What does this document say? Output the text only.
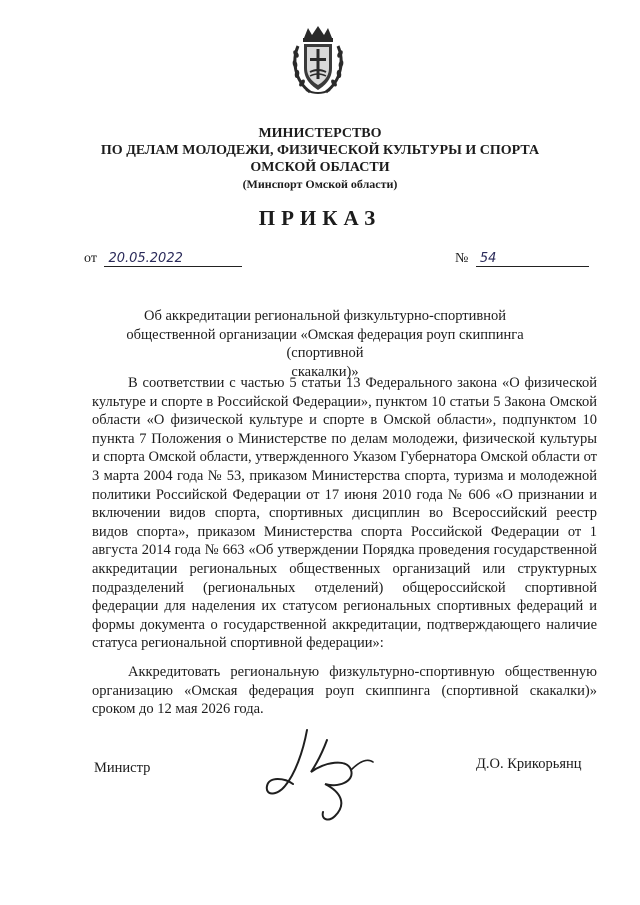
МИНИСТЕРСТВО
ПО ДЕЛАМ МОЛОДЕЖИ, ФИЗИЧЕСКОЙ КУЛЬТУРЫ И СПОРТА
ОМСКОЙ ОБЛАСТИ
(Минспорт Омской области)
ПРИКАЗ
от 20.05.2022	№ 54
Об аккредитации региональной физкультурно-спортивной
общественной организации «Омская федерация роуп скиппинга (спортивной
скакалки)»

В соответствии с частью 5 статьи 13 Федерального закона «О физической культуре и спорте в Российской Федерации», пунктом 10 статьи 5 Закона Омской области «О физической культуре и спорте в Омской области», подпунктом 10 пункта 7 Положения о Министерстве по делам молодежи, физической культуры и спорта Омской области, утвержденного Указом Губернатора Омской области от 3 марта 2004 года № 53, приказом Министерства спорта, туризма и молодежной политики Российской Федерации от 17 июня 2010 года № 606 «О признании и включении видов спорта, спортивных дисциплин во Всероссийский реестр видов спорта», приказом Министерства спорта Российской Федерации от 1 августа 2014 года № 663 «Об утверждении Порядка проведения государственной аккредитации региональных общественных организаций или структурных подразделений (региональных отделений) общероссийской спортивной федерации для наделения их статусом региональных спортивных федераций и формы документа о государственной аккредитации, подтверждающего наличие статуса региональной спортивной федерации»:

Аккредитовать региональную физкультурно-спортивную общественную организацию «Омская федерация роуп скиппинга (спортивной скакалки)» сроком до 12 мая 2026 года.

Министр	Д.О. Крикорьянц
